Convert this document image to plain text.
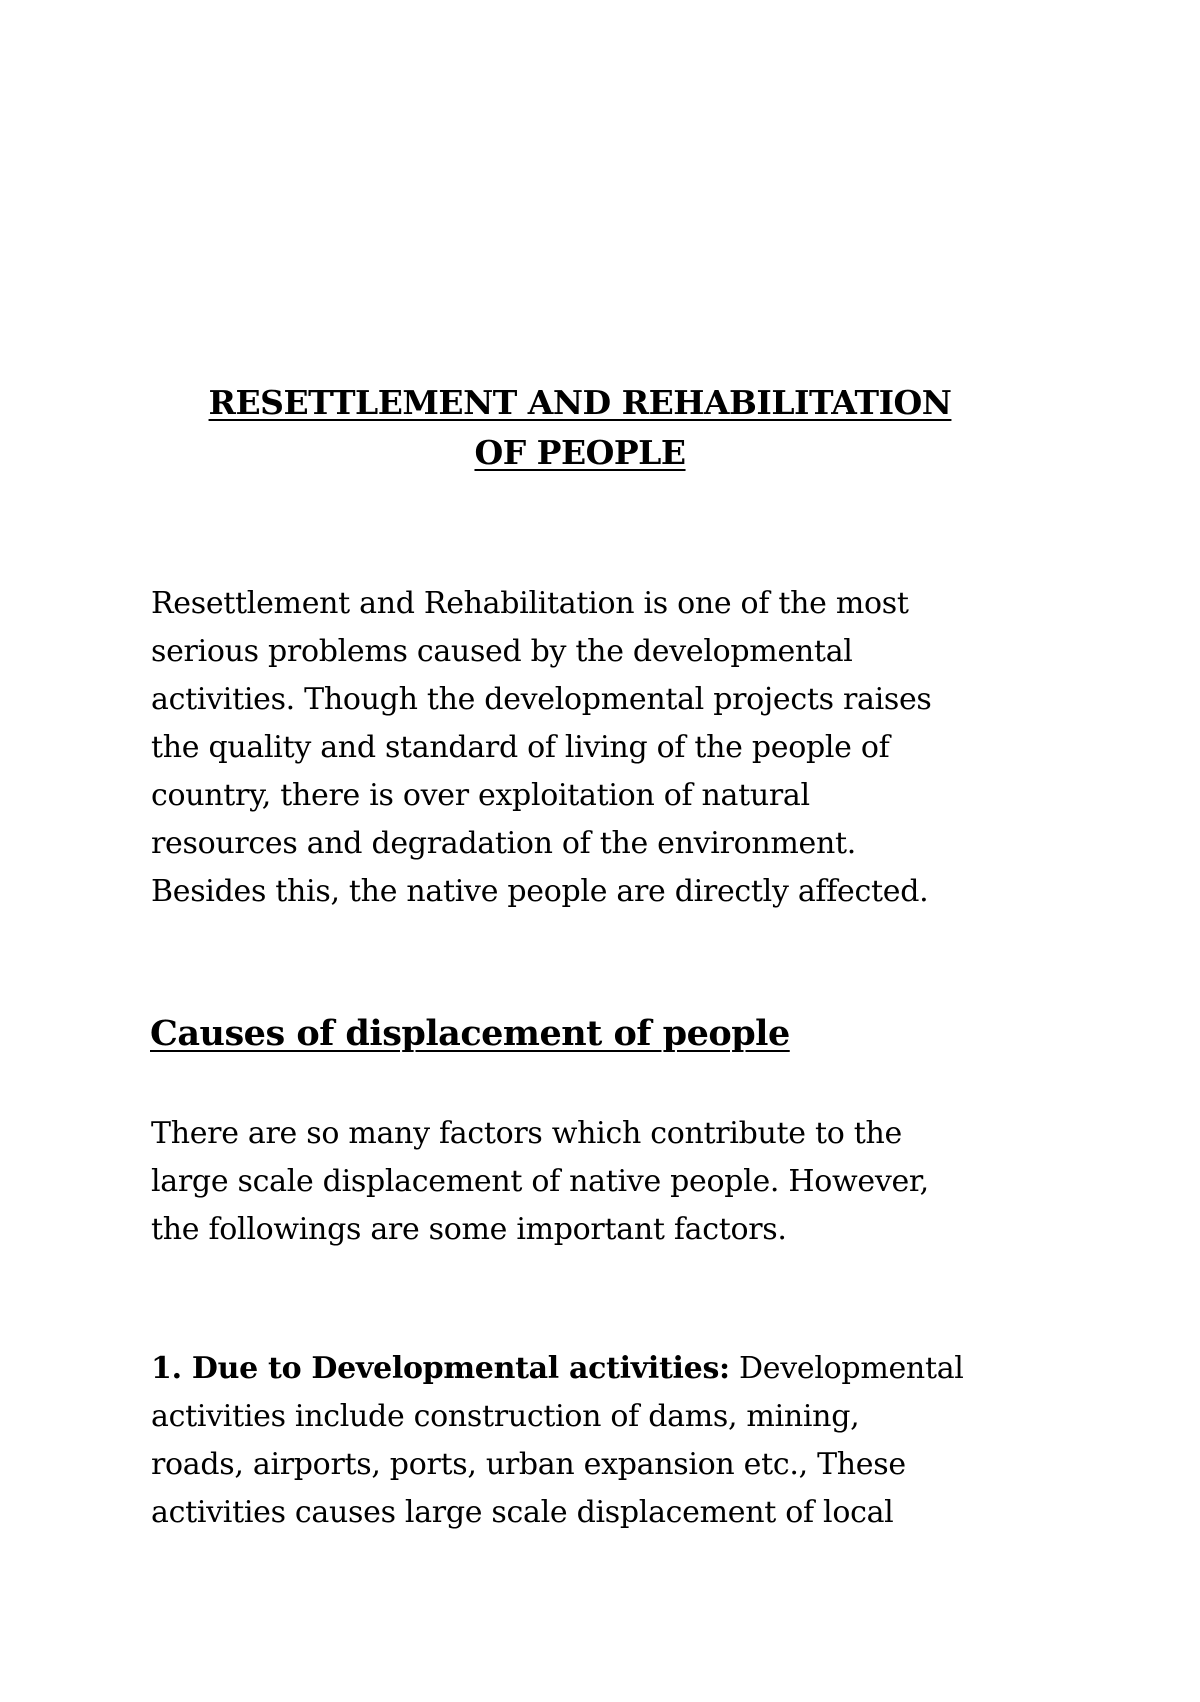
RESETTLEMENT AND REHABILITATION
OF PEOPLE
Resettlement and Rehabilitation is one of the most
serious problems caused by the developmental
activities. Though the developmental projects raises
the quality and standard of living of the people of
country, there is over exploitation of natural
resources and degradation of the environment.
Besides this, the native people are directly affected.
Causes of displacement of people
There are so many factors which contribute to the
large scale displacement of native people. However,
the followings are some important factors.
1. Due to Developmental activities: Developmental
activities include construction of dams, mining,
roads, airports, ports, urban expansion etc., These
activities causes large scale displacement of local
